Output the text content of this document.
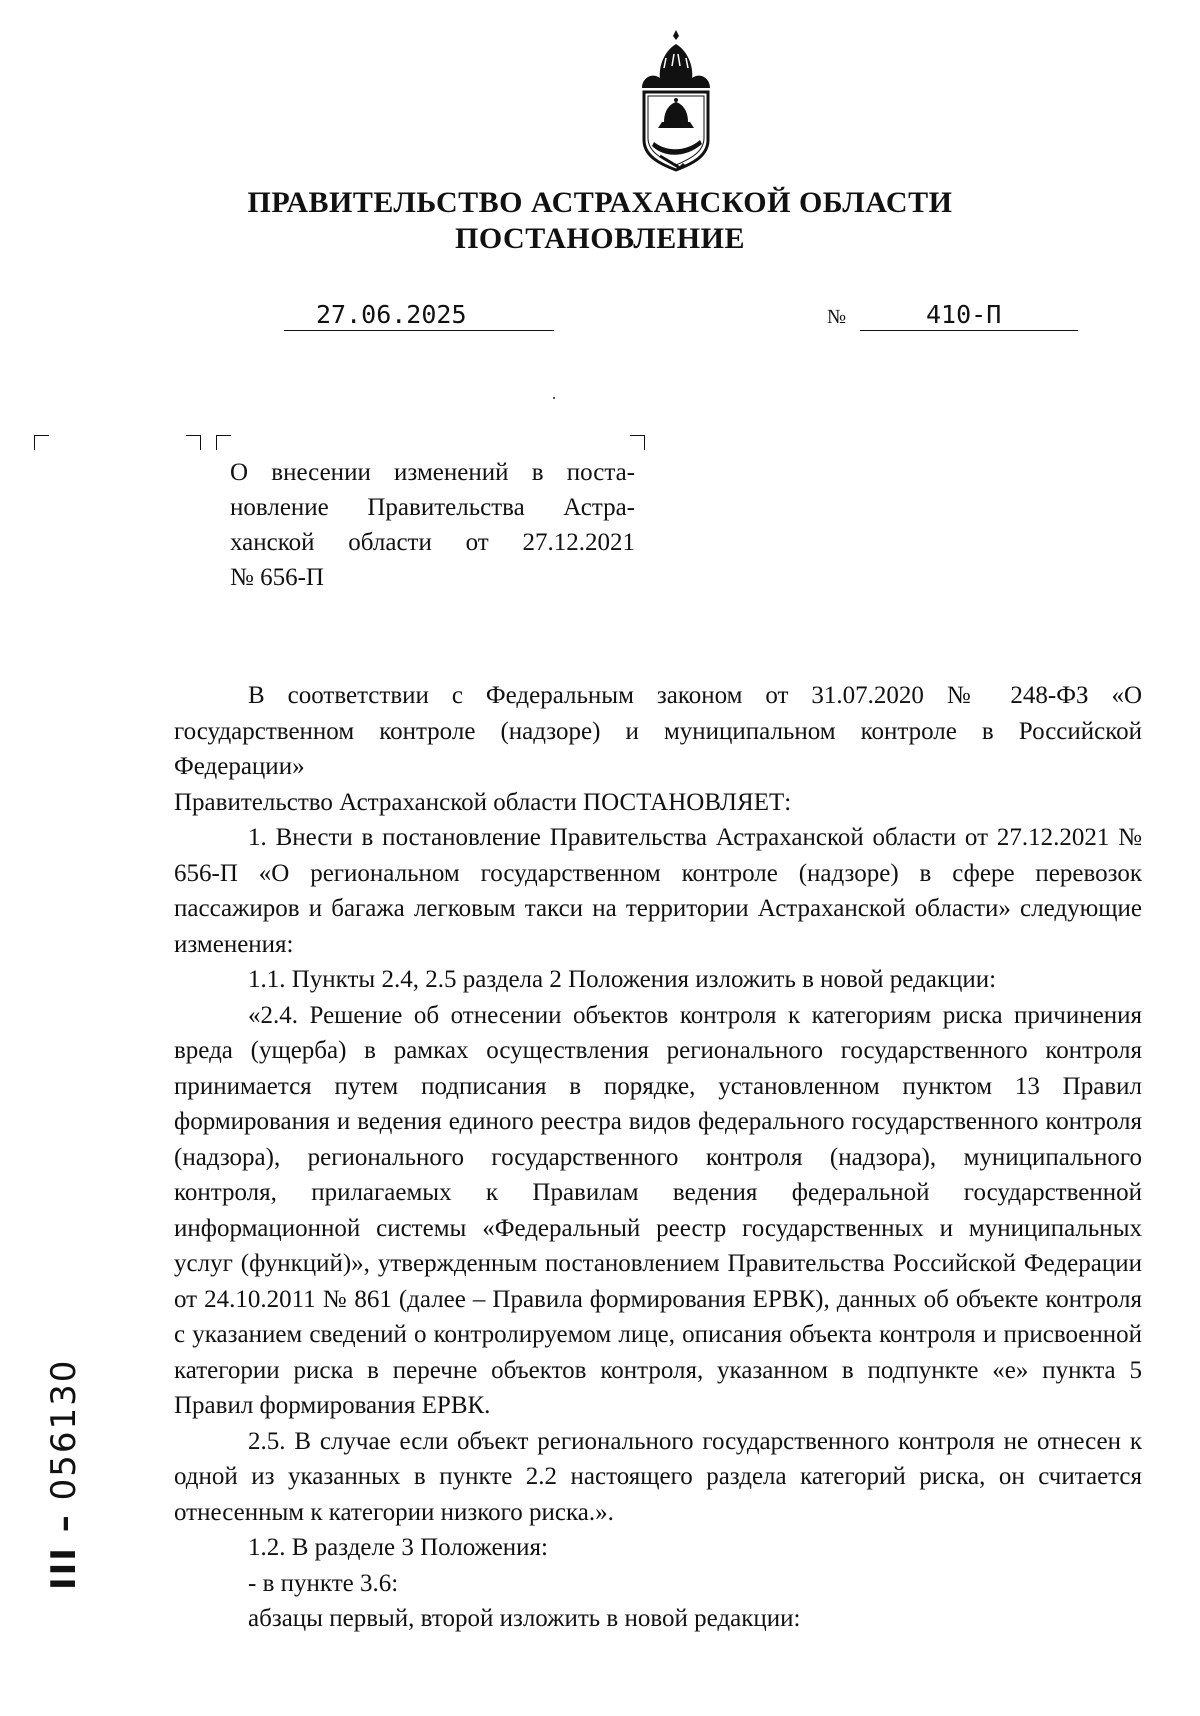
ПРАВИТЕЛЬСТВО АСТРАХАНСКОЙ ОБЛАСТИ
ПОСТАНОВЛЕНИЕ
27.06.2025	№	410-П
О внесении изменений в поста-
новление Правительства Астра-
ханской области от 27.12.2021
№ 656-П

В соответствии с Федеральным законом от 31.07.2020 № 248-ФЗ «О государственном контроле (надзоре) и муниципальном контроле в Российской Федерации»

Правительство Астраханской области ПОСТАНОВЛЯЕТ:

1. Внести в постановление Правительства Астраханской области от 27.12.2021 № 656-П «О региональном государственном контроле (надзоре) в сфере перевозок пассажиров и багажа легковым такси на территории Астраханской области» следующие изменения:

1.1. Пункты 2.4, 2.5 раздела 2 Положения изложить в новой редакции:

«2.4. Решение об отнесении объектов контроля к категориям риска причинения вреда (ущерба) в рамках осуществления регионального государственного контроля принимается путем подписания в порядке, установленном пунктом 13 Правил формирования и ведения единого реестра видов федерального государственного контроля (надзора), регионального государственного контроля (надзора), муниципального контроля, прилагаемых к Правилам ведения федеральной государственной информационной системы «Федеральный реестр государственных и муниципальных услуг (функций)», утвержденным постановлением Правительства Российской Федерации от 24.10.2011 № 861 (далее – Правила формирования ЕРВК), данных об объекте контроля с указанием сведений о контролируемом лице, описания объекта контроля и присвоенной категории риска в перечне объектов контроля, указанном в подпункте «е» пункта 5 Правил формирования ЕРВК.

2.5. В случае если объект регионального государственного контроля не отнесен к одной из указанных в пункте 2.2 настоящего раздела категорий риска, он считается отнесенным к категории низкого риска.».

1.2. В разделе 3 Положения:

- в пункте 3.6:

абзацы первый, второй изложить в новой редакции:

III – 056130
